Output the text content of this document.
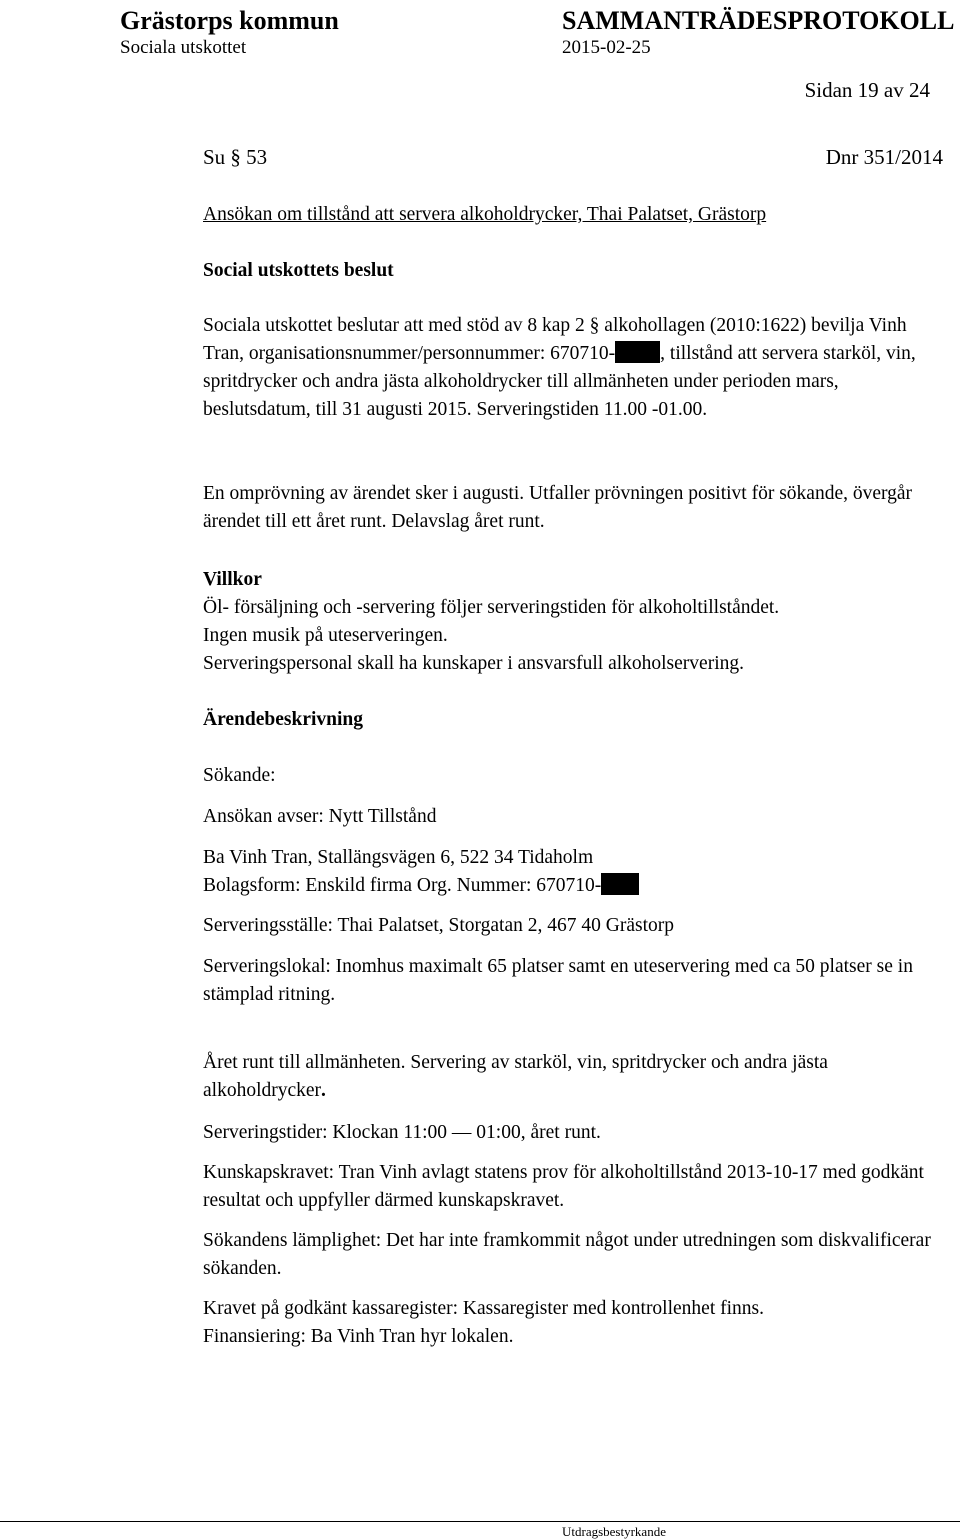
Grästorps kommun
Sociala utskottet
SAMMANTRÄDESPROTOKOLL
2015-02-25
Sidan 19 av 24
Su § 53	Dnr 351/2014

Ansökan om tillstånd att servera alkoholdrycker, Thai Palatset, Grästorp

Social utskottets beslut

Sociala utskottet beslutar att med stöd av 8 kap 2 § alkohollagen (2010:1622) bevilja Vinh Tran, organisationsnummer/personnummer: 670710- , tillstånd att servera starköl, vin, spritdrycker och andra jästa alkoholdrycker till allmänheten under perioden mars, beslutsdatum, till 31 augusti 2015. Serveringstiden 11.00 -01.00.

En omprövning av ärendet sker i augusti. Utfaller prövningen positivt för sökande, övergår ärendet till ett året runt. Delavslag året runt.

Villkor

Öl- försäljning och -servering följer serveringstiden för alkoholtillståndet.

Ingen musik på uteserveringen.

Serveringspersonal skall ha kunskaper i ansvarsfull alkoholservering.

Ärendebeskrivning

Sökande:

Ansökan avser: Nytt Tillstånd

Ba Vinh Tran, Stallängsvägen 6, 522 34 Tidaholm

Bolagsform: Enskild firma Org. Nummer: 670710-

Serveringsställe: Thai Palatset, Storgatan 2, 467 40 Grästorp

Serveringslokal: Inomhus maximalt 65 platser samt en uteservering med ca 50 platser se in stämplad ritning.

Året runt till allmänheten. Servering av starköl, vin, spritdrycker och andra jästa alkoholdrycker.

Serveringstider: Klockan 11:00 — 01:00, året runt.

Kunskapskravet: Tran Vinh avlagt statens prov för alkoholtillstånd 2013-10-17 med godkänt resultat och uppfyller därmed kunskapskravet.

Sökandens lämplighet: Det har inte framkommit något under utredningen som diskvalificerar sökanden.

Kravet på godkänt kassaregister: Kassaregister med kontrollenhet finns.

Finansiering: Ba Vinh Tran hyr lokalen.

Utdragsbestyrkande
